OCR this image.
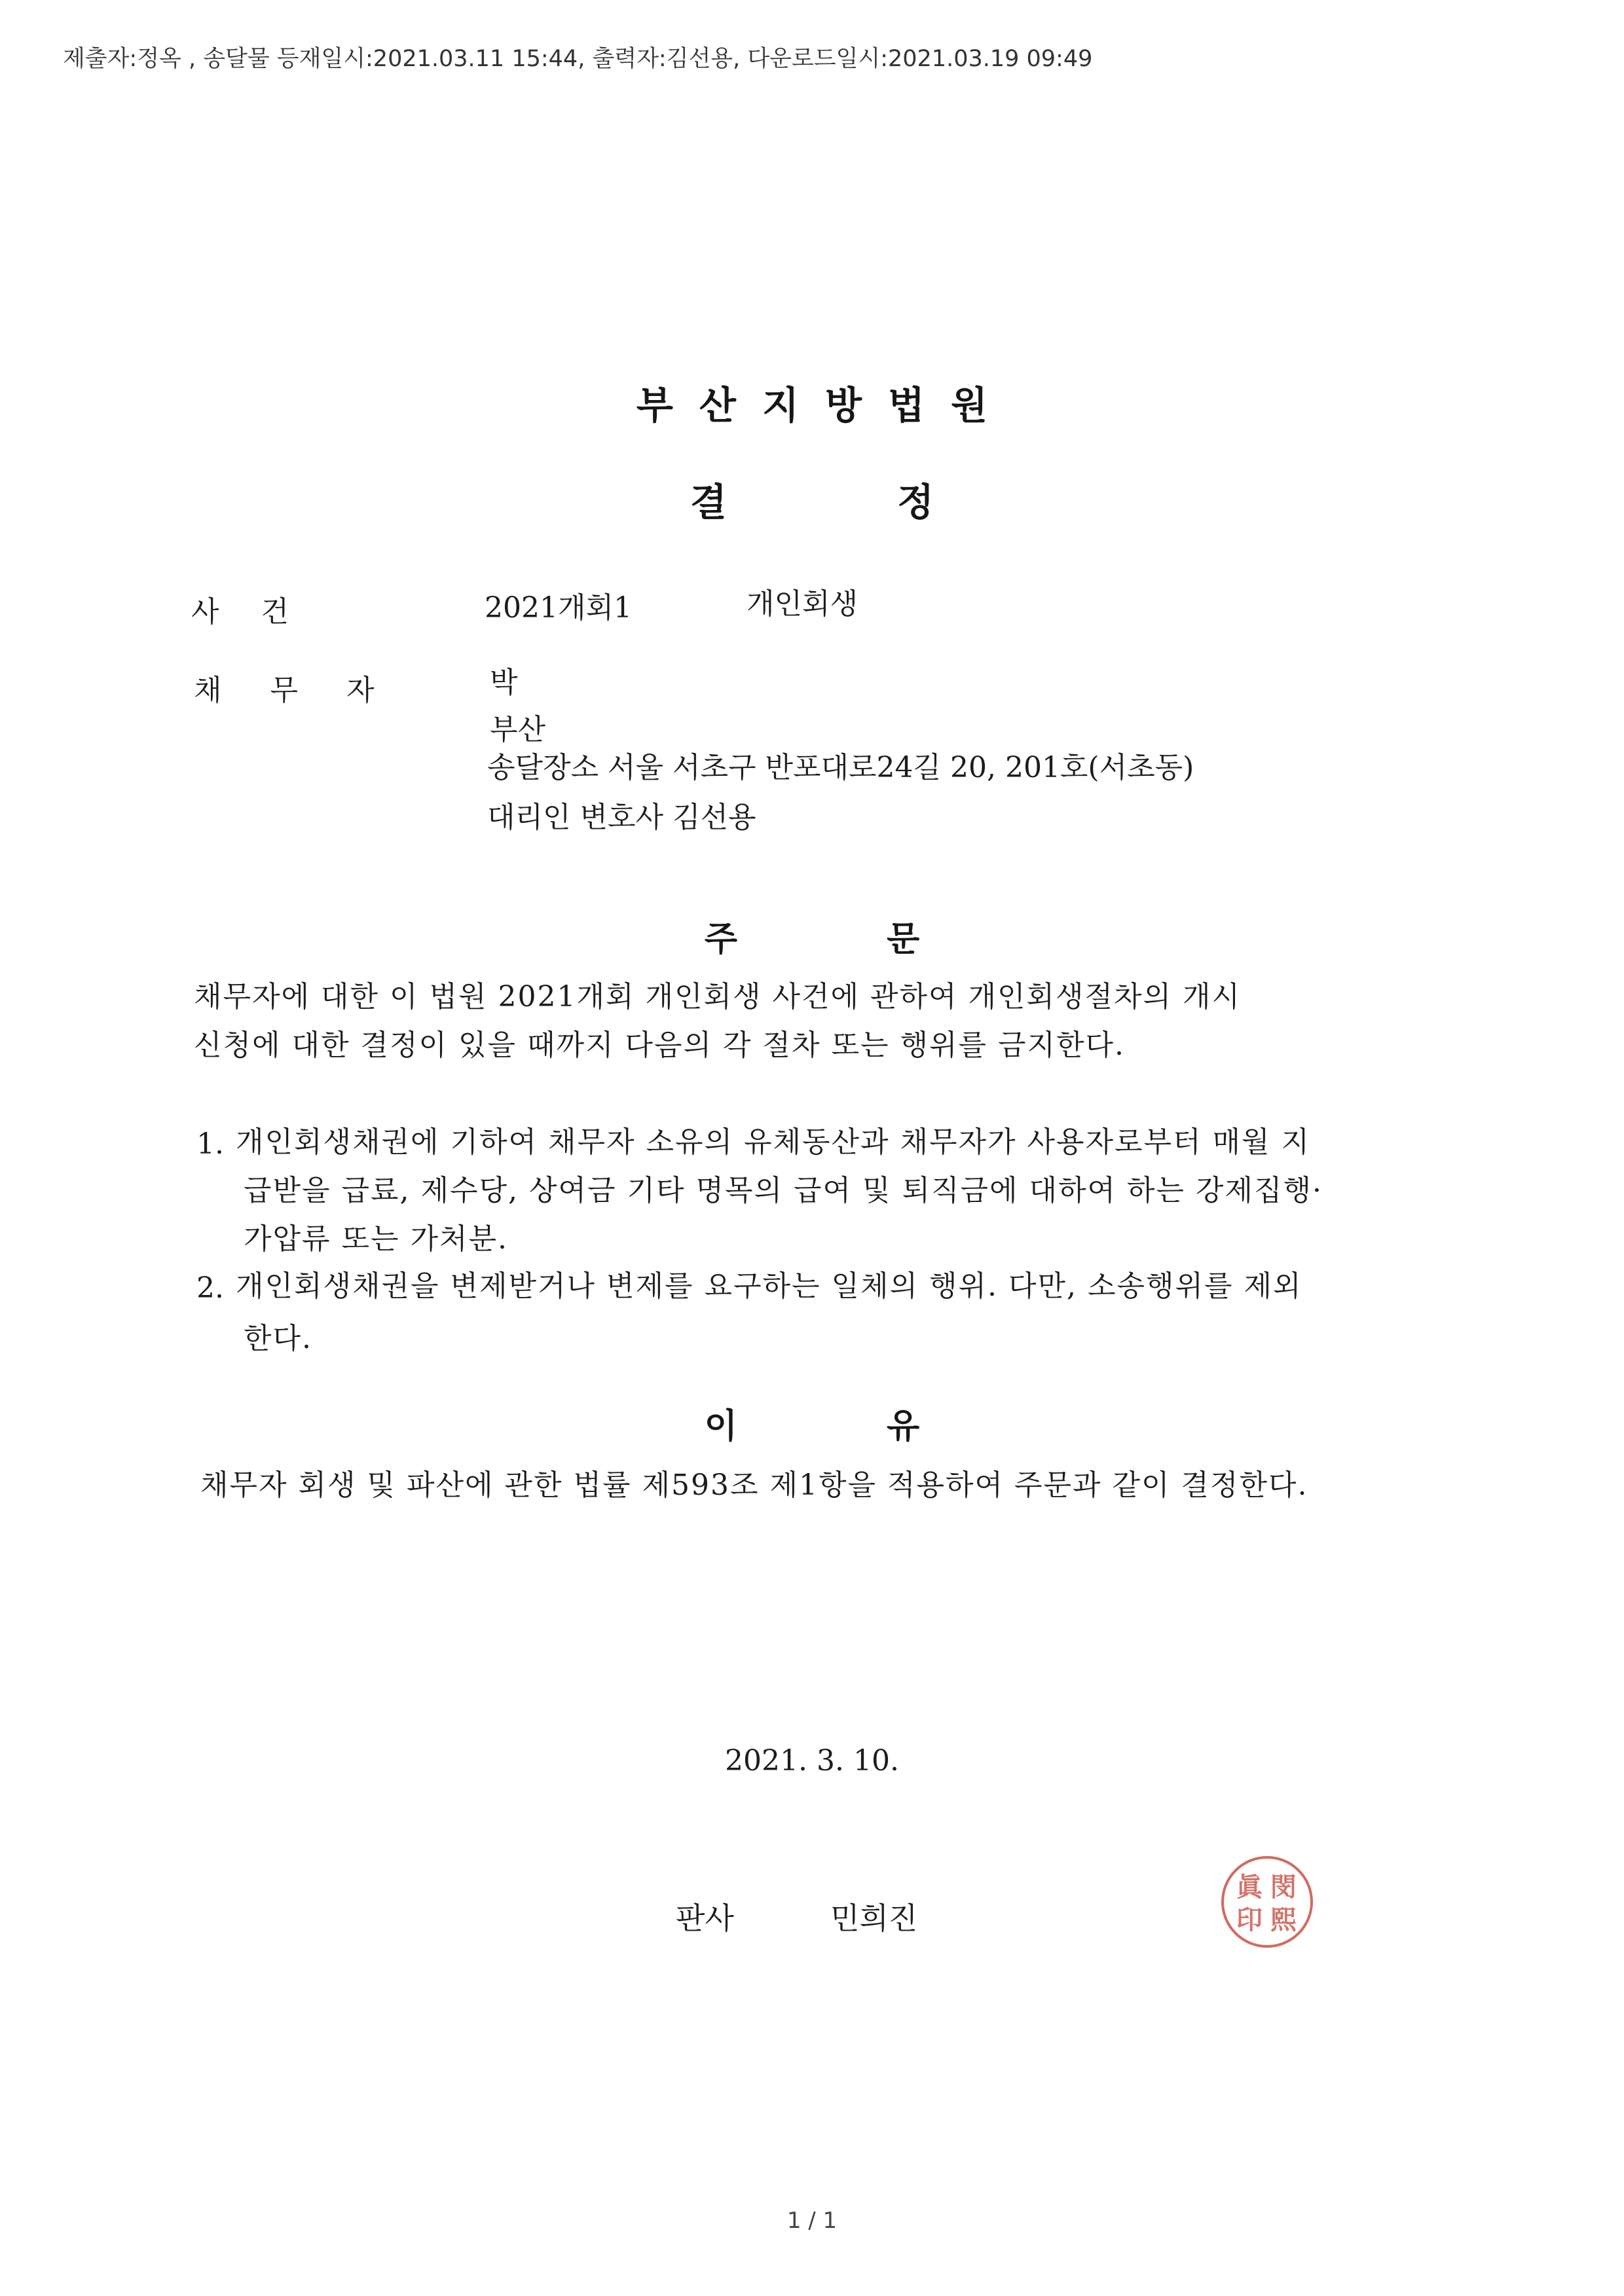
제출자:정옥 , 송달물 등재일시:2021.03.11 15:44, 출력자:김선용, 다운로드일시:2021.03.19 09:49
부산지방법원
결 정
사 건	2021개회1	개인회생
채 무 자	박
부산
송달장소 서울 서초구 반포대로24길 20, 201호(서초동)
대리인 변호사 김선용
주 문
채무자에 대한 이 법원 2021개회 개인회생 사건에 관하여 개인회생절차의 개시
신청에 대한 결정이 있을 때까지 다음의 각 절차 또는 행위를 금지한다.
1. 개인회생채권에 기하여 채무자 소유의 유체동산과 채무자가 사용자로부터 매월 지
급받을 급료, 제수당, 상여금 기타 명목의 급여 및 퇴직금에 대하여 하는 강제집행·
가압류 또는 가처분.
2. 개인회생채권을 변제받거나 변제를 요구하는 일체의 행위. 다만, 소송행위를 제외
한다.
이 유
채무자 회생 및 파산에 관한 법률 제593조 제1항을 적용하여 주문과 같이 결정한다.
2021. 3. 10.
판사	민희진
閔
熙
眞
印
1 / 1
